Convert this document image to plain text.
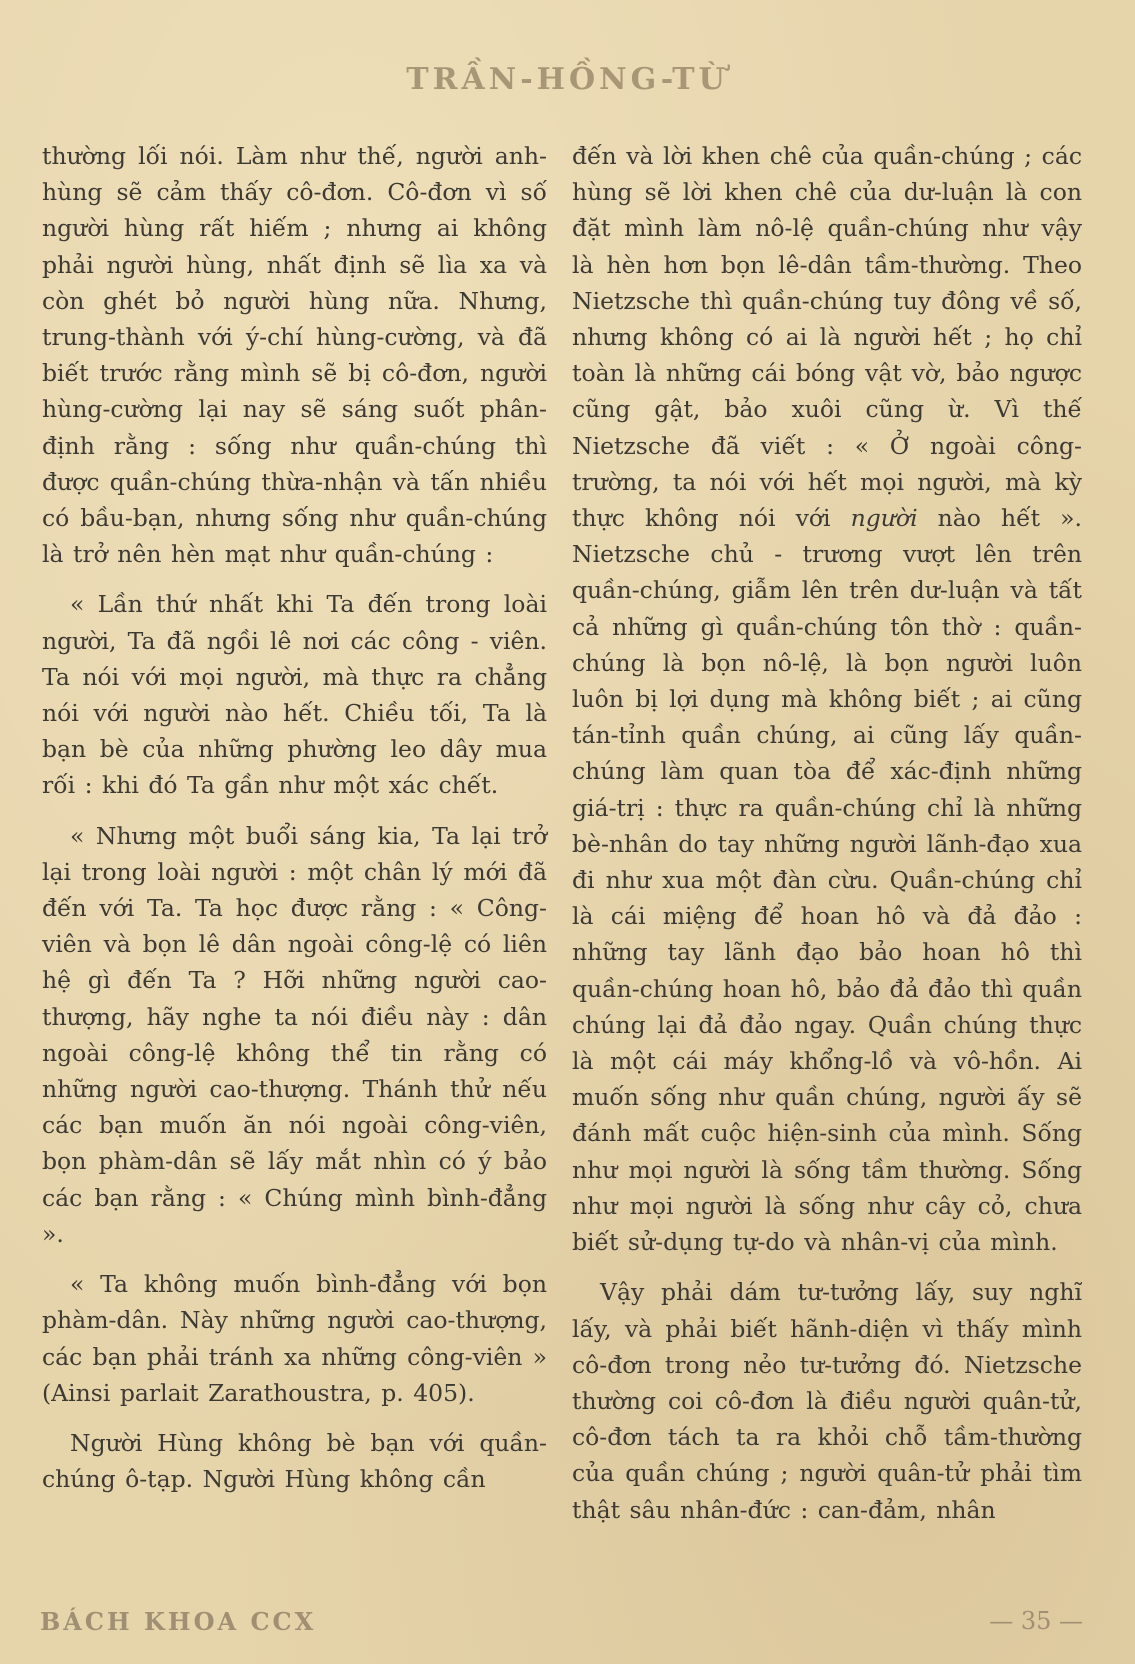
TRẦN-HỒNG-TỪ

thường lối nói. Làm như thế, người anh-hùng sẽ cảm thấy cô-đơn. Cô-đơn vì số người hùng rất hiếm ; nhưng ai không phải người hùng, nhất định sẽ lìa xa và còn ghét bỏ người hùng nữa. Nhưng, trung-thành với ý-chí hùng-cường, và đã biết trước rằng mình sẽ bị cô-đơn, người hùng-cường lại nay sẽ sáng suốt phân-định rằng : sống như quần-chúng thì được quần-chúng thừa-nhận và tấn nhiều có bầu-bạn, nhưng sống như quần-chúng là trở nên hèn mạt như quần-chúng :

« Lần thứ nhất khi Ta đến trong loài người, Ta đã ngồi lê nơi các công - viên. Ta nói với mọi người, mà thực ra chẳng nói với người nào hết. Chiều tối, Ta là bạn bè của những phường leo dây mua rối : khi đó Ta gần như một xác chết.

« Nhưng một buổi sáng kia, Ta lại trở lại trong loài người : một chân lý mới đã đến với Ta. Ta học được rằng : « Công-viên và bọn lê dân ngoài công-lệ có liên hệ gì đến Ta ? Hỡi những người cao-thượng, hãy nghe ta nói điều này : dân ngoài công-lệ không thể tin rằng có những người cao-thượng. Thánh thử nếu các bạn muốn ăn nói ngoài công-viên, bọn phàm-dân sẽ lấy mắt nhìn có ý bảo các bạn rằng : « Chúng mình bình-đẳng ».

« Ta không muốn bình-đẳng với bọn phàm-dân. Này những người cao-thượng, các bạn phải tránh xa những công-viên » (Ainsi parlait Zarathoustra, p. 405).

Người Hùng không bè bạn với quần-chúng ô-tạp. Người Hùng không cần

đến và lời khen chê của quần-chúng ; các hùng sẽ lời khen chê của dư-luận là con đặt mình làm nô-lệ quần-chúng như vậy là hèn hơn bọn lê-dân tầm-thường. Theo Nietzsche thì quần-chúng tuy đông về số, nhưng không có ai là người hết ; họ chỉ toàn là những cái bóng vật vờ, bảo ngược cũng gật, bảo xuôi cũng ừ. Vì thế Nietzsche đã viết : « Ở ngoài công-trường, ta nói với hết mọi người, mà kỳ thực không nói với người nào hết ». Nietzsche chủ - trương vượt lên trên quần-chúng, giẫm lên trên dư-luận và tất cả những gì quần-chúng tôn thờ : quần-chúng là bọn nô-lệ, là bọn người luôn luôn bị lợi dụng mà không biết ; ai cũng tán-tỉnh quần chúng, ai cũng lấy quần-chúng làm quan tòa để xác-định những giá-trị : thực ra quần-chúng chỉ là những bè-nhân do tay những người lãnh-đạo xua đi như xua một đàn cừu. Quần-chúng chỉ là cái miệng để hoan hô và đả đảo : những tay lãnh đạo bảo hoan hô thì quần-chúng hoan hô, bảo đả đảo thì quần chúng lại đả đảo ngay. Quần chúng thực là một cái máy khổng-lồ và vô-hồn. Ai muốn sống như quần chúng, người ấy sẽ đánh mất cuộc hiện-sinh của mình. Sống như mọi người là sống tầm thường. Sống như mọi người là sống như cây cỏ, chưa biết sử-dụng tự-do và nhân-vị của mình.

Vậy phải dám tư-tưởng lấy, suy nghĩ lấy, và phải biết hãnh-diện vì thấy mình cô-đơn trong nẻo tư-tưởng đó. Nietzsche thường coi cô-đơn là điều người quân-tử, cô-đơn tách ta ra khỏi chỗ tầm-thường của quần chúng ; người quân-tử phải tìm thật sâu nhân-đức : can-đảm, nhân

BÁCH KHOA CCX	— 35 —
